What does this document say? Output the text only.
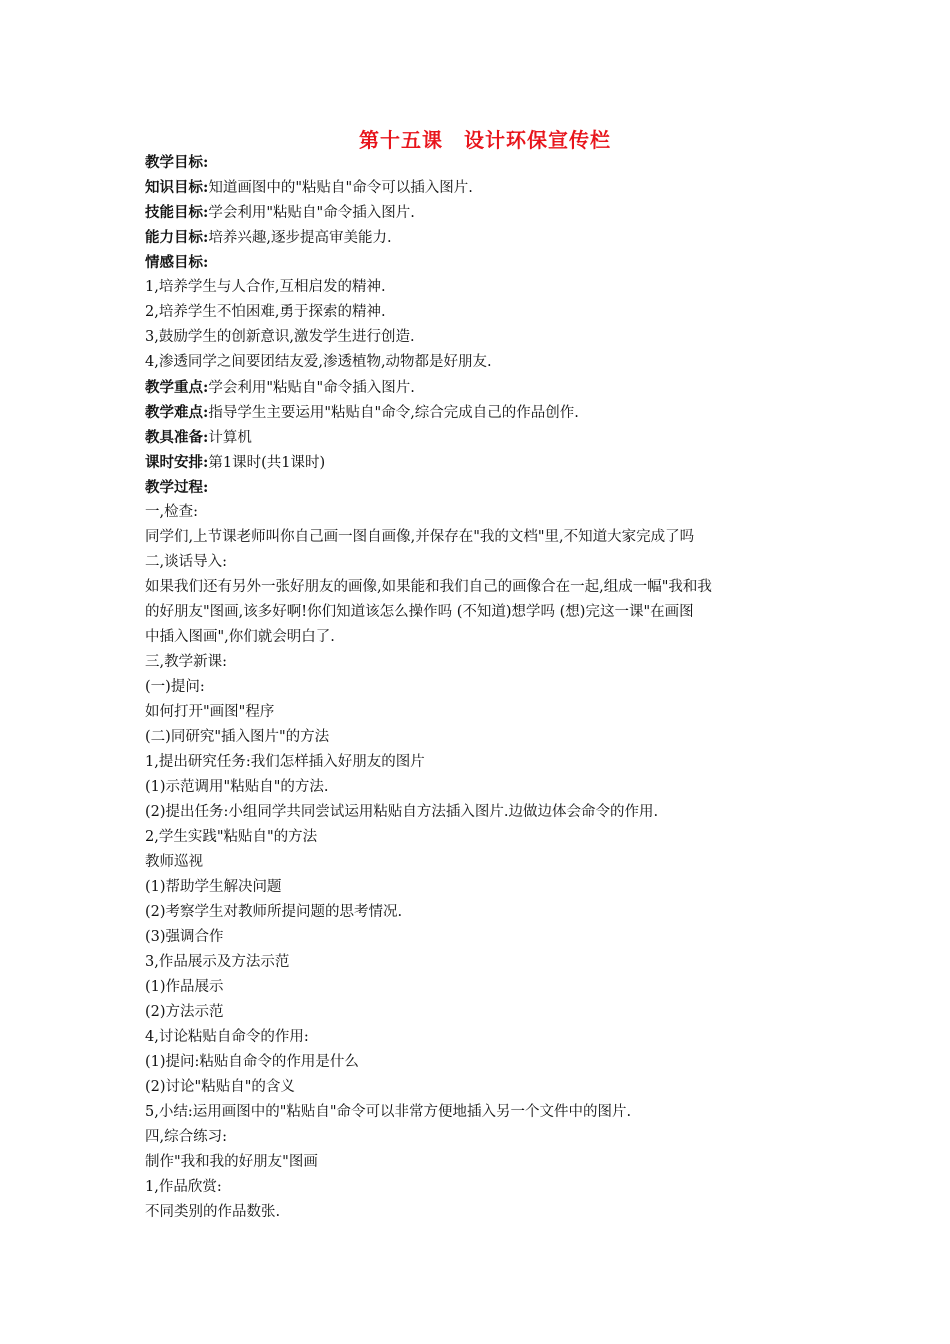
第十五课　设计环保宣传栏
教学目标:
知识目标:知道画图中的"粘贴自"命令可以插入图片.
技能目标:学会利用"粘贴自"命令插入图片.
能力目标:培养兴趣,逐步提高审美能力.
情感目标:
1,培养学生与人合作,互相启发的精神.
2,培养学生不怕困难,勇于探索的精神.
3,鼓励学生的创新意识,激发学生进行创造.
4,渗透同学之间要团结友爱,渗透植物,动物都是好朋友.
教学重点:学会利用"粘贴自"命令插入图片.
教学难点:指导学生主要运用"粘贴自"命令,综合完成自己的作品创作.
教具准备:计算机
课时安排:第1课时(共1课时)
教学过程:
一,检查:
同学们,上节课老师叫你自己画一图自画像,并保存在"我的文档"里,不知道大家完成了吗
二,谈话导入:
如果我们还有另外一张好朋友的画像,如果能和我们自己的画像合在一起,组成一幅"我和我
的好朋友"图画,该多好啊!你们知道该怎么操作吗 (不知道)想学吗 (想)完这一课"在画图
中插入图画",你们就会明白了.
三,教学新课:
(一)提问:
如何打开"画图"程序
(二)同研究"插入图片"的方法
1,提出研究任务:我们怎样插入好朋友的图片
(1)示范调用"粘贴自"的方法.
(2)提出任务:小组同学共同尝试运用粘贴自方法插入图片.边做边体会命令的作用.
2,学生实践"粘贴自"的方法
教师巡视
(1)帮助学生解决问题
(2)考察学生对教师所提问题的思考情况.
(3)强调合作
3,作品展示及方法示范
(1)作品展示
(2)方法示范
4,讨论粘贴自命令的作用:
(1)提问:粘贴自命令的作用是什么
(2)讨论"粘贴自"的含义
5,小结:运用画图中的"粘贴自"命令可以非常方便地插入另一个文件中的图片.
四,综合练习:
制作"我和我的好朋友"图画
1,作品欣赏:
不同类别的作品数张.
